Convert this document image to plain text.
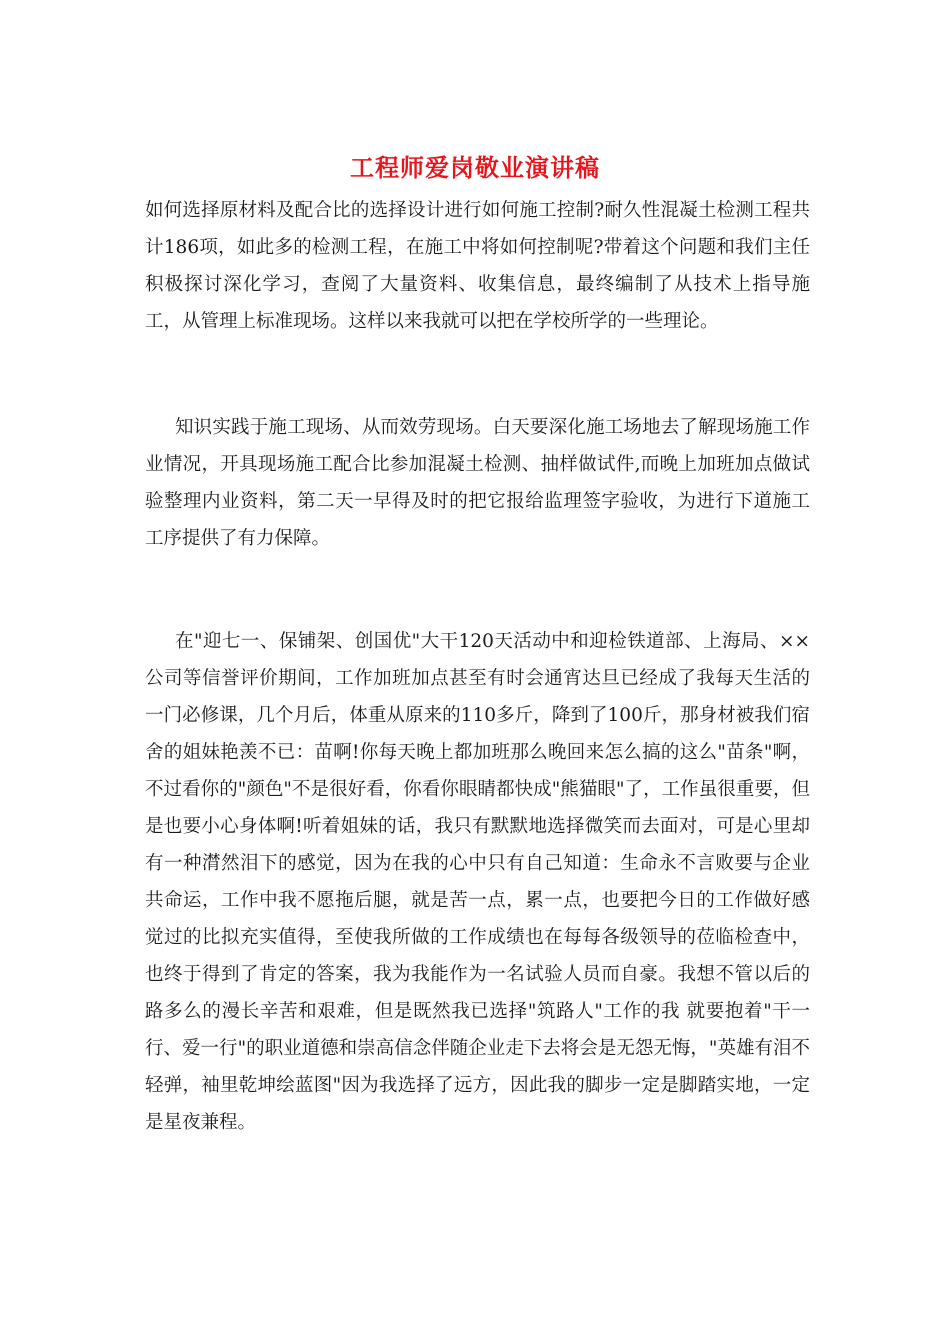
工程师爱岗敬业演讲稿

如何选择原材料及配合比的选择设计进行如何施工控制?耐久性混凝土检测工程共计186项，如此多的检测工程，在施工中将如何控制呢?带着这个问题和我们主任积极探讨深化学习，查阅了大量资料、收集信息，最终编制了从技术上指导施工，从管理上标准现场。这样以来我就可以把在学校所学的一些理论。

知识实践于施工现场、从而效劳现场。白天要深化施工场地去了解现场施工作业情况，开具现场施工配合比参加混凝土检测、抽样做试件,而晚上加班加点做试验整理内业资料，第二天一早得及时的把它报给监理签字验收，为进行下道施工工序提供了有力保障。

在"迎七一、保铺架、创国优"大干120天活动中和迎检铁道部、上海局、××公司等信誉评价期间，工作加班加点甚至有时会通宵达旦已经成了我每天生活的一门必修课，几个月后，体重从原来的110多斤，降到了100斤，那身材被我们宿舍的姐妹艳羡不已：苗啊!你每天晚上都加班那么晚回来怎么搞的这么"苗条"啊，不过看你的"颜色"不是很好看，你看你眼睛都快成"熊猫眼"了，工作虽很重要，但是也要小心身体啊!听着姐妹的话，我只有默默地选择微笑而去面对，可是心里却有一种潸然泪下的感觉，因为在我的心中只有自己知道：生命永不言败要与企业共命运，工作中我不愿拖后腿，就是苦一点，累一点，也要把今日的工作做好感觉过的比拟充实值得，至使我所做的工作成绩也在每每各级领导的莅临检查中，也终于得到了肯定的答案，我为我能作为一名试验人员而自豪。我想不管以后的路多么的漫长辛苦和艰难，但是既然我已选择"筑路人"工作的我 就要抱着"干一行、爱一行"的职业道德和崇高信念伴随企业走下去将会是无怨无悔，"英雄有泪不轻弹，袖里乾坤绘蓝图"因为我选择了远方，因此我的脚步一定是脚踏实地，一定是星夜兼程。
